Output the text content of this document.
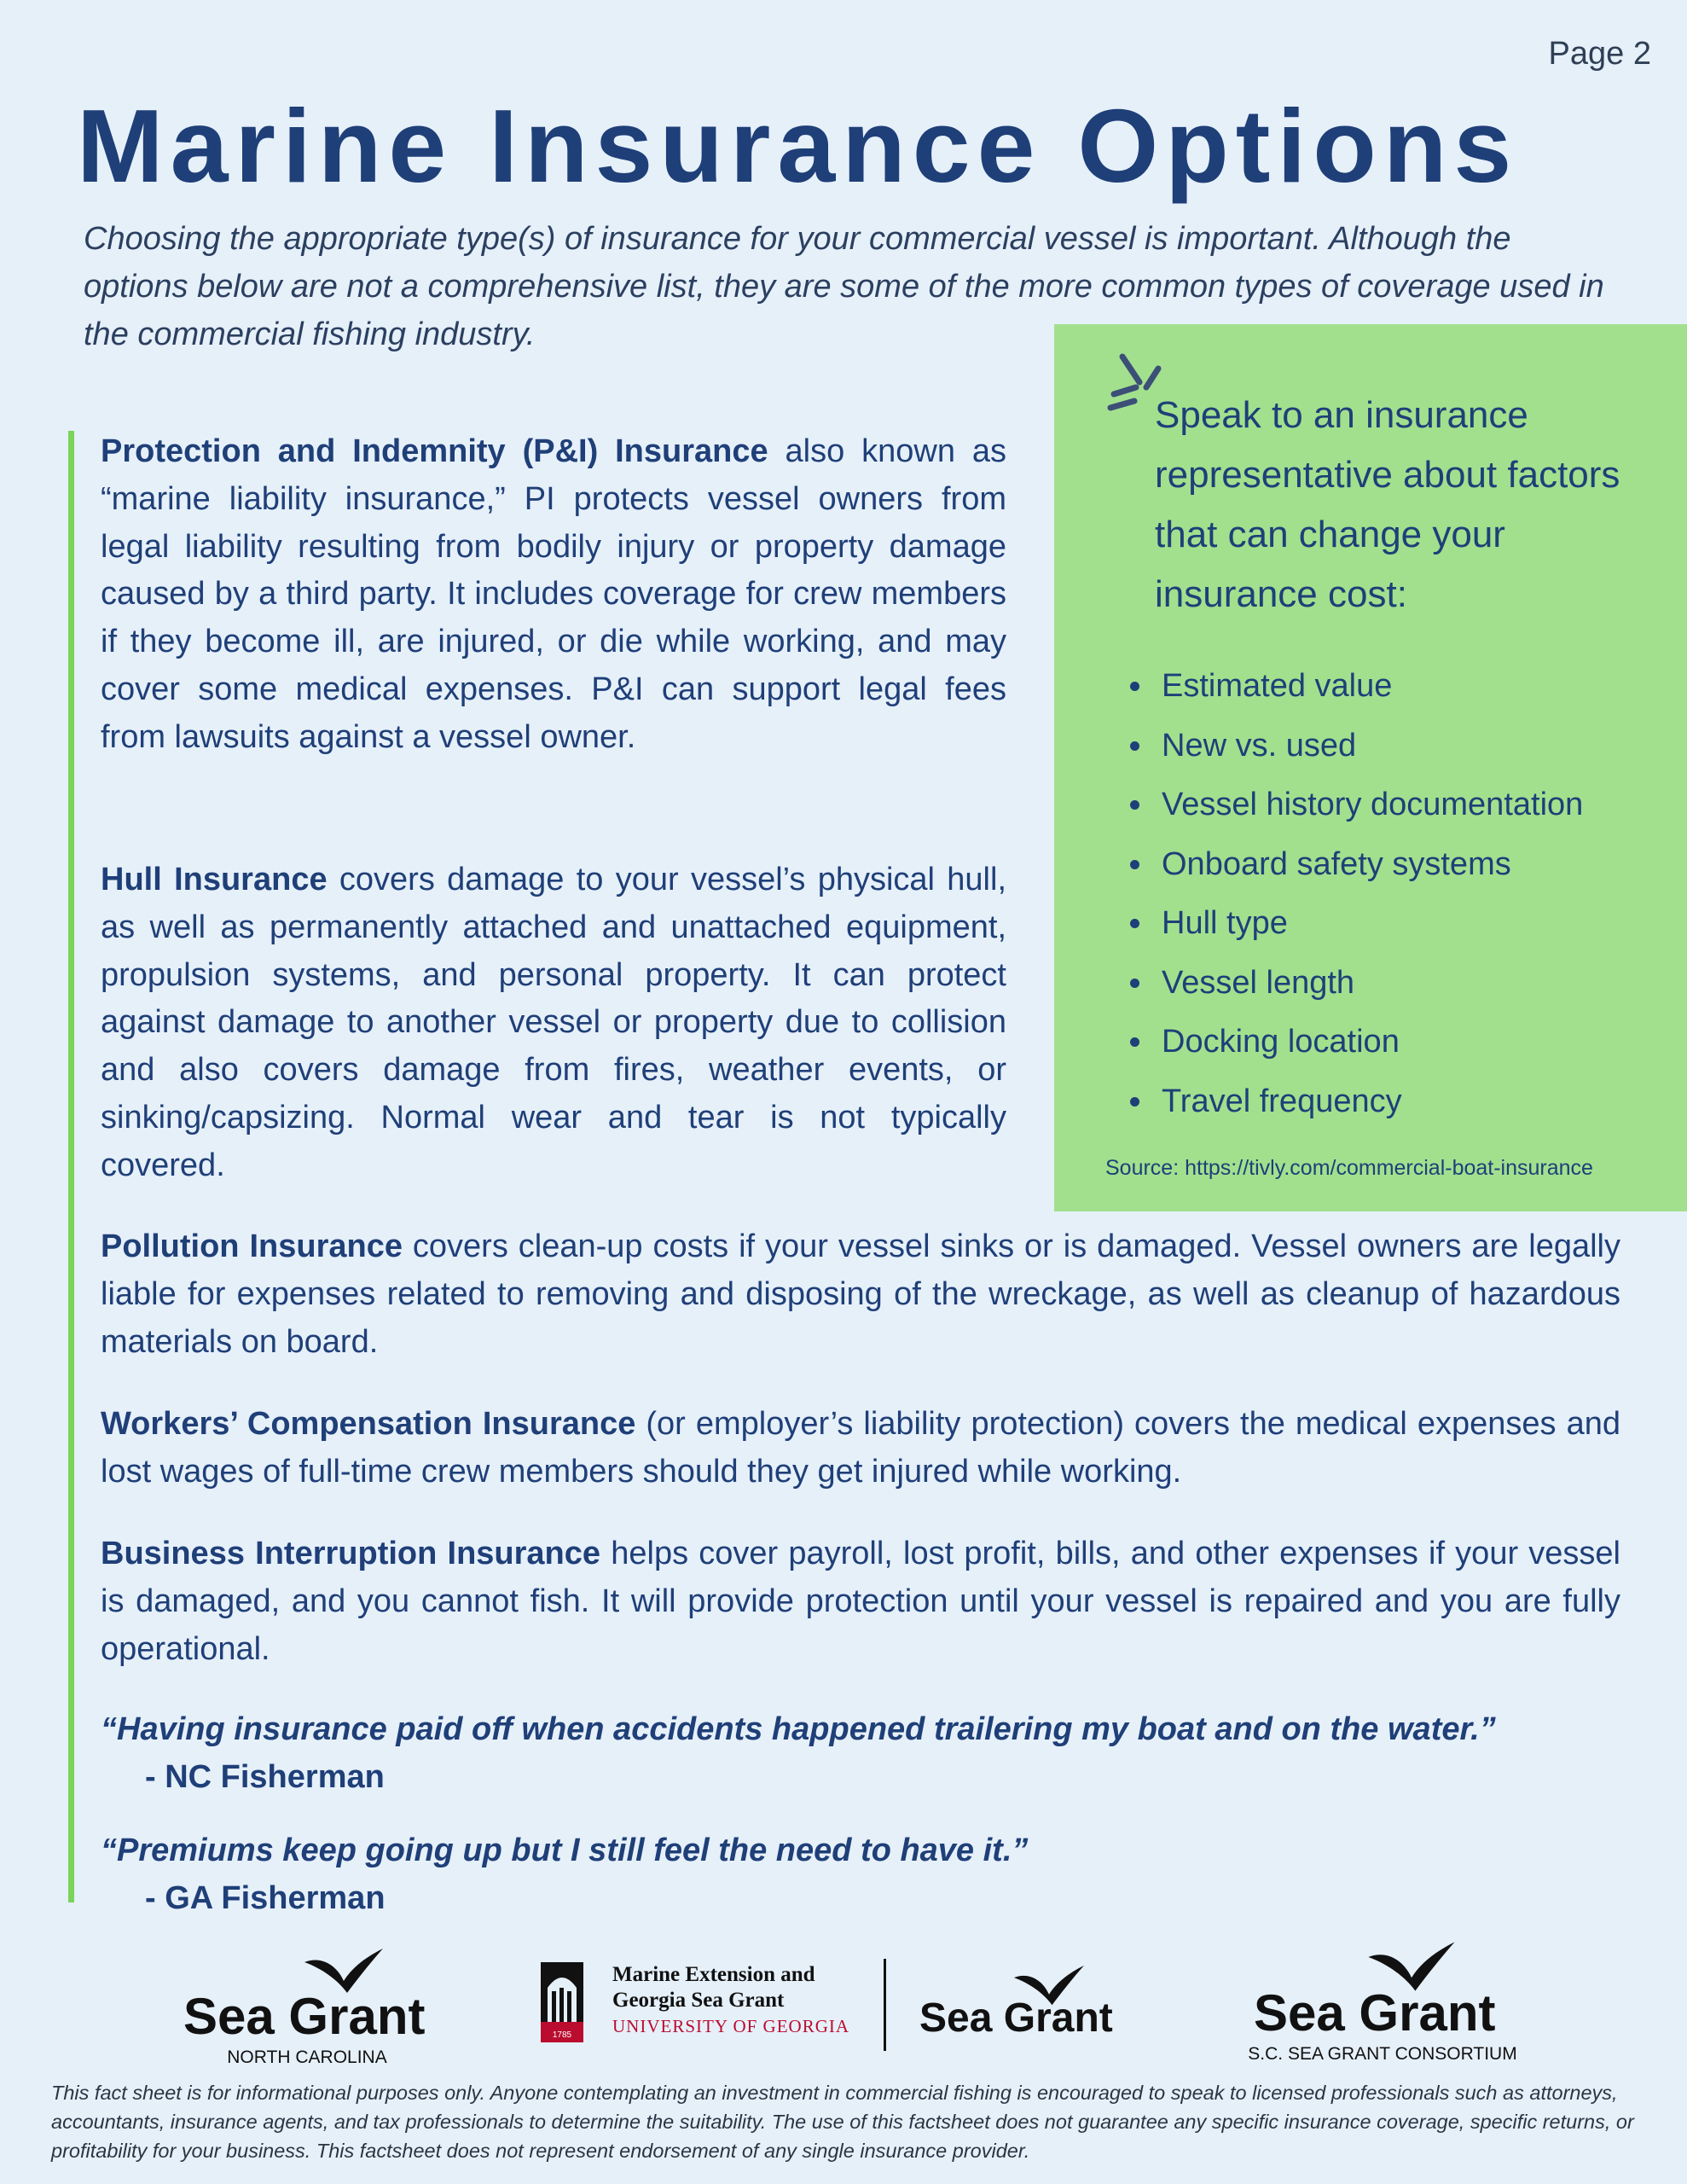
Page 2
Marine Insurance Options
Choosing the appropriate type(s) of insurance for your commercial vessel is important. Although the options below are not a comprehensive list, they are some of the more common types of coverage used in the commercial fishing industry.
Speak to an insurance representative about factors that can change your insurance cost:
• Estimated value
• New vs. used
• Vessel history documentation
• Onboard safety systems
• Hull type
• Vessel length
• Docking location
• Travel frequency
Source: https://tivly.com/commercial-boat-insurance
Protection and Indemnity (P&I) Insurance also known as “marine liability insurance,” PI protects vessel owners from legal liability resulting from bodily injury or property damage caused by a third party. It includes coverage for crew members if they become ill, are injured, or die while working, and may cover some medical expenses. P&I can support legal fees from lawsuits against a vessel owner.
Hull Insurance covers damage to your vessel’s physical hull, as well as permanently attached and unattached equipment, propulsion systems, and personal property. It can protect against damage to another vessel or property due to collision and also covers damage from fires, weather events, or sinking/capsizing. Normal wear and tear is not typically covered.
Pollution Insurance covers clean-up costs if your vessel sinks or is damaged. Vessel owners are legally liable for expenses related to removing and disposing of the wreckage, as well as cleanup of hazardous materials on board.
Workers’ Compensation Insurance (or employer’s liability protection) covers the medical expenses and lost wages of full-time crew members should they get injured while working.
Business Interruption Insurance helps cover payroll, lost profit, bills, and other expenses if your vessel is damaged, and you cannot fish. It will provide protection until your vessel is repaired and you are fully operational.
“Having insurance paid off when accidents happened trailering my boat and on the water.”
- NC Fisherman
“Premiums keep going up but I still feel the need to have it.”
- GA Fisherman
Sea Grant
NORTH CAROLINA
1785
Marine Extension and
Georgia Sea Grant
UNIVERSITY OF GEORGIA Sea Grant	Sea Grant
S.C. SEA GRANT CONSORTIUM
This fact sheet is for informational purposes only. Anyone contemplating an investment in commercial fishing is encouraged to speak to licensed professionals such as attorneys, accountants, insurance agents, and tax professionals to determine the suitability. The use of this factsheet does not guarantee any specific insurance coverage, specific returns, or profitability for your business. This factsheet does not represent endorsement of any single insurance provider.
